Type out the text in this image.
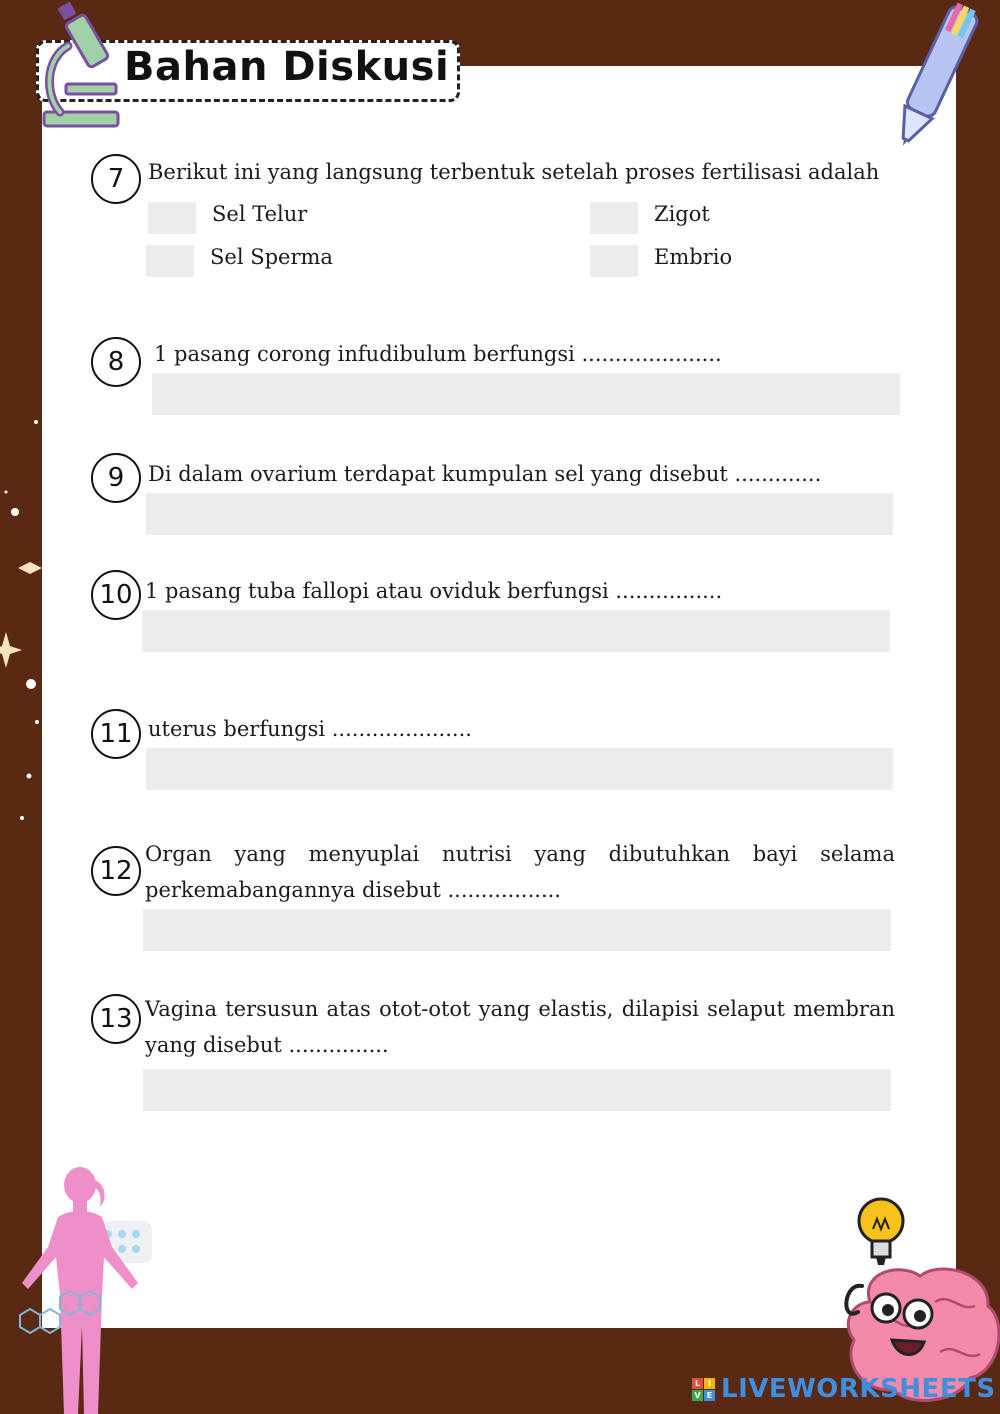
Bahan Diskusi
7	Berikut ini yang langsung terbentuk setelah proses fertilisasi adalah
Sel Telur	Zigot
Sel Sperma	Embrio
8	1 pasang corong infudibulum berfungsi .....................
9	Di dalam ovarium terdapat kumpulan sel yang disebut .............
10 1 pasang tuba fallopi atau oviduk berfungsi ................
11 uterus berfungsi .....................
12
Organ yang menyuplai nutrisi yang dibutuhkan bayi selama perkemabangannya disebut .................
13 Vagina tersusun atas otot-otot yang elastis, dilapisi selaput membran yang disebut ...............
L I
V E LIVEWORKSHEETS
